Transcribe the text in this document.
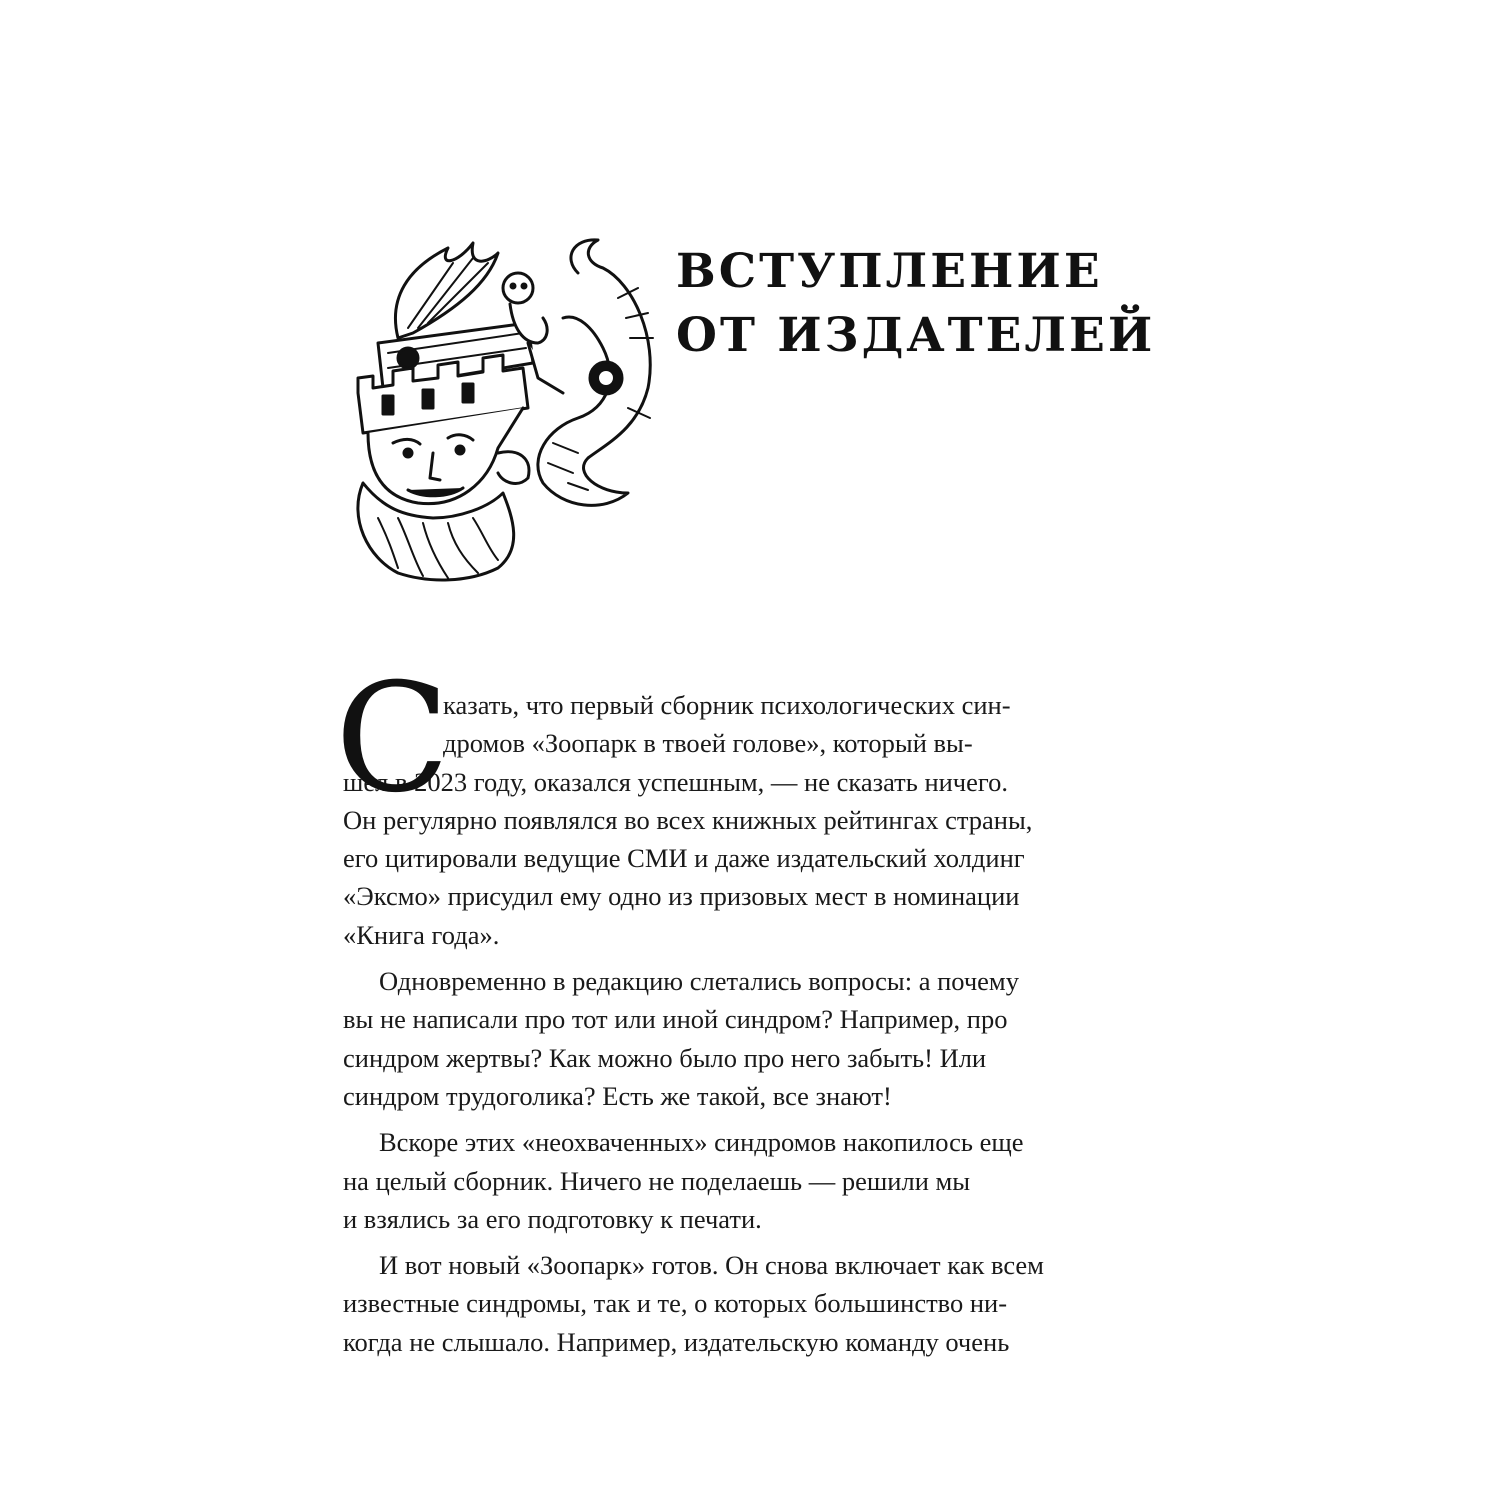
ВСТУПЛЕНИЕ
ОТ ИЗДАТЕЛЕЙ
С
казать, что первый сборник психологических син-
дромов «Зоопарк в твоей голове», который вы-
шел в 2023 году, оказался успешным, — не сказать ничего.
Он регулярно появлялся во всех книжных рейтингах страны,
его цитировали ведущие СМИ и даже издательский холдинг
«Эксмо» присудил ему одно из призовых мест в номинации
«Книга года».
Одновременно в редакцию слетались вопросы: а почему
вы не написали про тот или иной синдром? Например, про
синдром жертвы? Как можно было про него забыть! Или
синдром трудоголика? Есть же такой, все знают!
Вскоре этих «неохваченных» синдромов накопилось еще
на целый сборник. Ничего не поделаешь — решили мы
и взялись за его подготовку к печати.
И вот новый «Зоопарк» готов. Он снова включает как всем
известные синдромы, так и те, о которых большинство ни-
когда не слышало. Например, издательскую команду очень
